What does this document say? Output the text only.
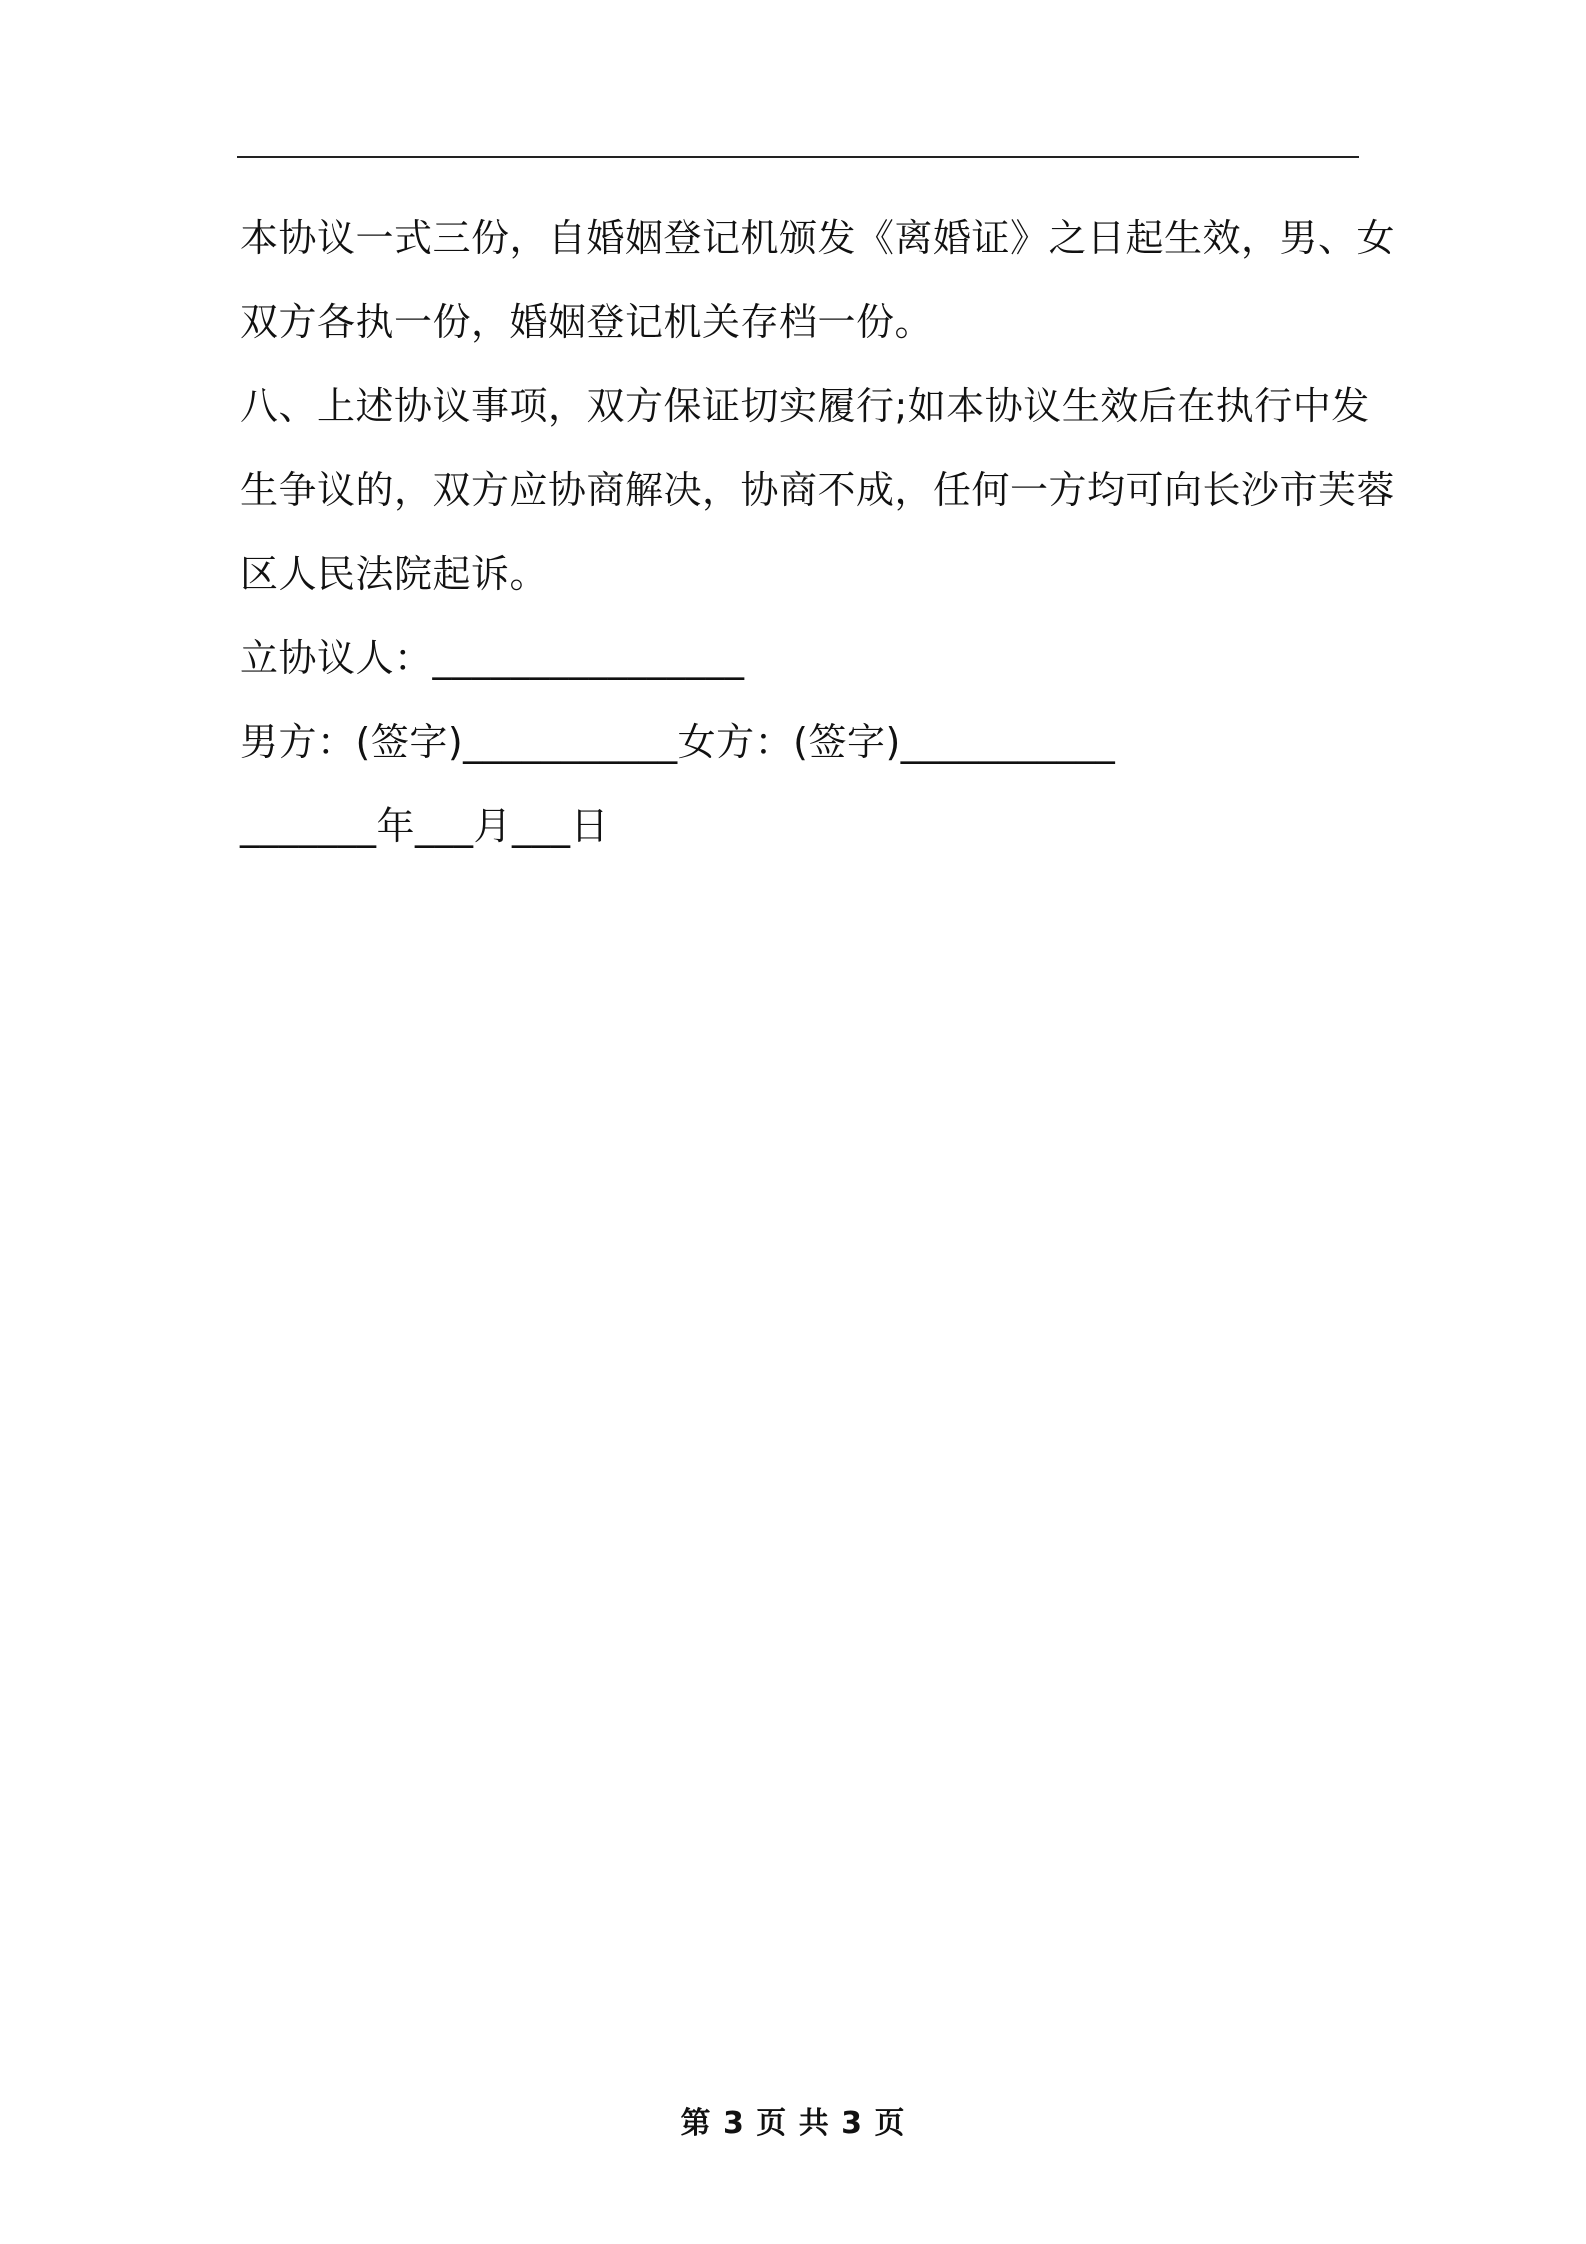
本协议一式三份，自婚姻登记机颁发《离婚证》之日起生效，男、女

双方各执一份，婚姻登记机关存档一份。

八、上述协议事项，双方保证切实履行;如本协议生效后在执行中发

生争议的，双方应协商解决，协商不成，任何一方均可向长沙市芙蓉

区人民法院起诉。

立协议人：________________

男方：(签字)___________女方：(签字)___________

_______年___月___日

第 3 页 共 3 页
